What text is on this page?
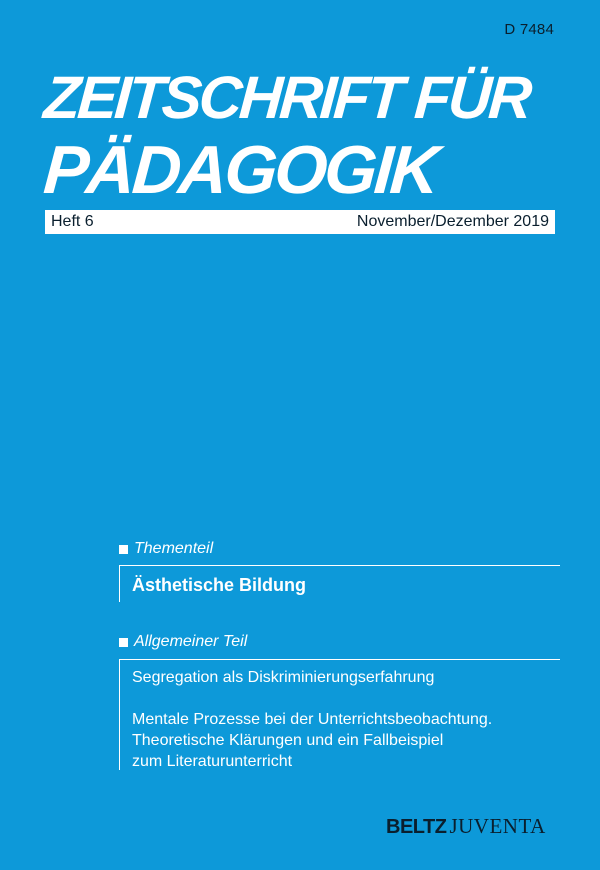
D 7484
ZEITSCHRIFT FÜR
PÄDAGOGIK
Heft 6	November/Dezember 2019
Thementeil
Ästhetische Bildung
Allgemeiner Teil
Segregation als Diskriminierungserfahrung
Mentale Prozesse bei der Unterrichtsbeobachtung.
Theoretische Klärungen und ein Fallbeispiel
zum Literaturunterricht
BELTZ JUVENTA
